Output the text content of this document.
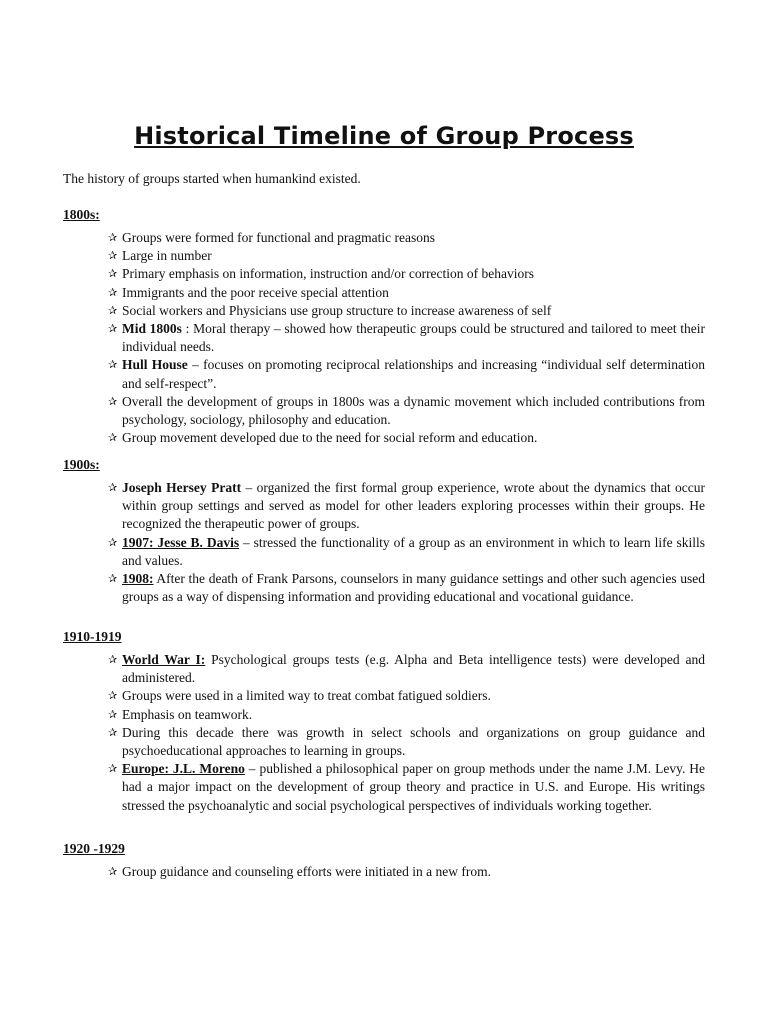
Historical Timeline of Group Process
The history of groups started when humankind existed.
1800s:
✰ Groups were formed for functional and pragmatic reasons
✰ Large in number
✰ Primary emphasis on information, instruction and/or correction of behaviors
✰ Immigrants and the poor receive special attention
✰ Social workers and Physicians use group structure to increase awareness of self
✰ Mid 1800s : Moral therapy – showed how therapeutic groups could be structured and tailored to meet their individual needs.
✰ Hull House – focuses on promoting reciprocal relationships and increasing “individual self determination and self-respect”.
✰ Overall the development of groups in 1800s was a dynamic movement which included contributions from psychology, sociology, philosophy and education.
✰ Group movement developed due to the need for social reform and education.
1900s:
✰ Joseph Hersey Pratt – organized the first formal group experience, wrote about the dynamics that occur within group settings and served as model for other leaders exploring processes within their groups. He recognized the therapeutic power of groups.
✰ 1907: Jesse B. Davis – stressed the functionality of a group as an environment in which to learn life skills and values.
✰ 1908: After the death of Frank Parsons, counselors in many guidance settings and other such agencies used groups as a way of dispensing information and providing educational and vocational guidance.
1910-1919
✰ World War I: Psychological groups tests (e.g. Alpha and Beta intelligence tests) were developed and administered.
✰ Groups were used in a limited way to treat combat fatigued soldiers.
✰ Emphasis on teamwork.
✰ During this decade there was growth in select schools and organizations on group guidance and psychoeducational approaches to learning in groups.
✰ Europe: J.L. Moreno – published a philosophical paper on group methods under the name J.M. Levy. He had a major impact on the development of group theory and practice in U.S. and Europe. His writings stressed the psychoanalytic and social psychological perspectives of individuals working together.
1920 -1929
✰ Group guidance and counseling efforts were initiated in a new from.
